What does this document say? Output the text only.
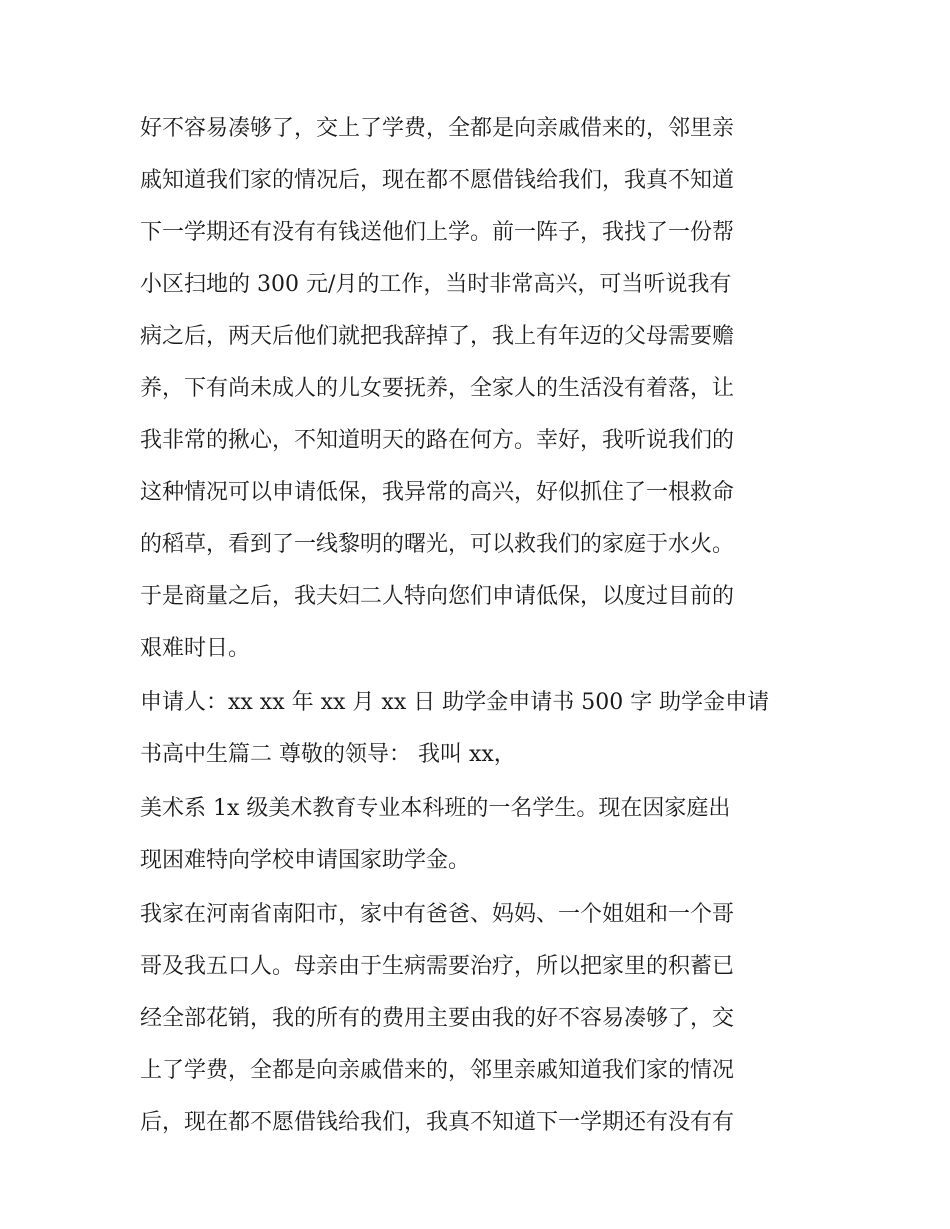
好不容易凑够了，交上了学费，全都是向亲戚借来的，邻里亲
戚知道我们家的情况后，现在都不愿借钱给我们，我真不知道
下一学期还有没有有钱送他们上学。前一阵子，我找了一份帮
小区扫地的 300 元/月的工作，当时非常高兴，可当听说我有
病之后，两天后他们就把我辞掉了，我上有年迈的父母需要赡
养，下有尚未成人的儿女要抚养，全家人的生活没有着落，让
我非常的揪心，不知道明天的路在何方。幸好，我听说我们的
这种情况可以申请低保，我异常的高兴，好似抓住了一根救命
的稻草，看到了一线黎明的曙光，可以救我们的家庭于水火。
于是商量之后，我夫妇二人特向您们申请低保，以度过目前的
艰难时日。
申请人：xx xx 年 xx 月 xx 日 助学金申请书 500 字 助学金申请
书高中生篇二 尊敬的领导： 我叫 xx，
美术系 1x 级美术教育专业本科班的一名学生。现在因家庭出
现困难特向学校申请国家助学金。
我家在河南省南阳市，家中有爸爸、妈妈、一个姐姐和一个哥
哥及我五口人。母亲由于生病需要治疗，所以把家里的积蓄已
经全部花销，我的所有的费用主要由我的好不容易凑够了，交
上了学费，全都是向亲戚借来的，邻里亲戚知道我们家的情况
后，现在都不愿借钱给我们，我真不知道下一学期还有没有有
